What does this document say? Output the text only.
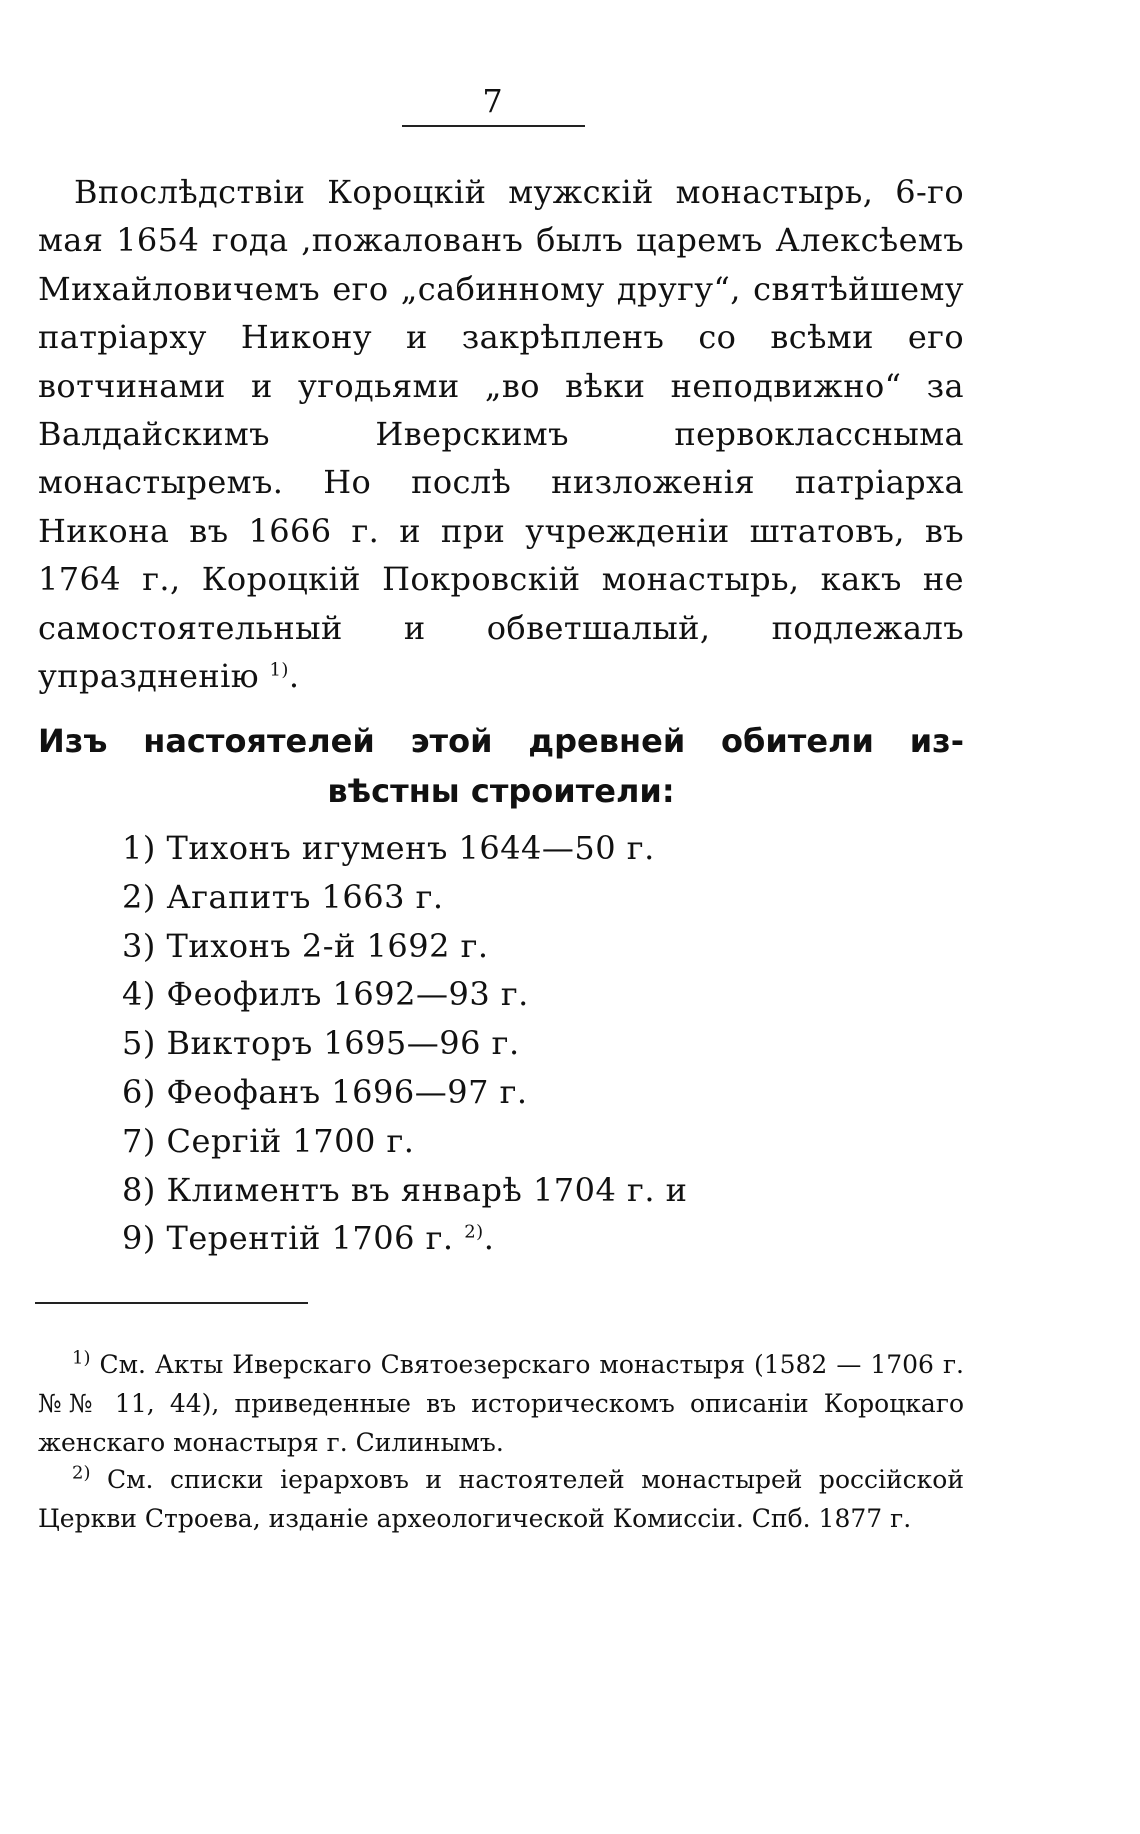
7

Впослѣдствіи Короцкій мужскій монастырь, 6-го мая 1654 года ,пожалованъ былъ царемъ Алексѣемъ Михайловичемъ его „сабинному другу“, святѣйшему патріарху Никону и закрѣпленъ со всѣми его вотчинами и угодьями „во вѣки неподвижно“ за Валдайскимъ Иверскимъ первоклассныма монастыремъ. Но послѣ низложенія патріарха Никона въ 1666 г. и при учрежденіи штатовъ, въ 1764 г., Короцкій Покровскій монастырь, какъ не самостоятельный и обветшалый, подлежалъ упраздненію $^{1)}$.

Изъ настоятелей этой древней обители из-
вѣстны строители:
1) Тихонъ игуменъ 1644—50 г.
2) Агапитъ 1663 г.
3) Тихонъ 2-й 1692 г.
4) Феофилъ 1692—93 г.
5) Викторъ 1695—96 г.
6) Феофанъ 1696—97 г.
7) Сергій 1700 г.
8) Климентъ въ январѣ 1704 г. и
9) Терентій 1706 г. $^{2)}$.

$^{1)}$ См. Акты Иверскаго Святоезерскаго монастыря (1582 — 1706 г. №№ 11, 44), приведенные въ историческомъ описаніи Короцкаго женскаго монастыря г. Силинымъ.

$^{2)}$ См. списки іерарховъ и настоятелей монастырей россійской Церкви Строева, изданіе археологической Комиссіи. Спб. 1877 г.
